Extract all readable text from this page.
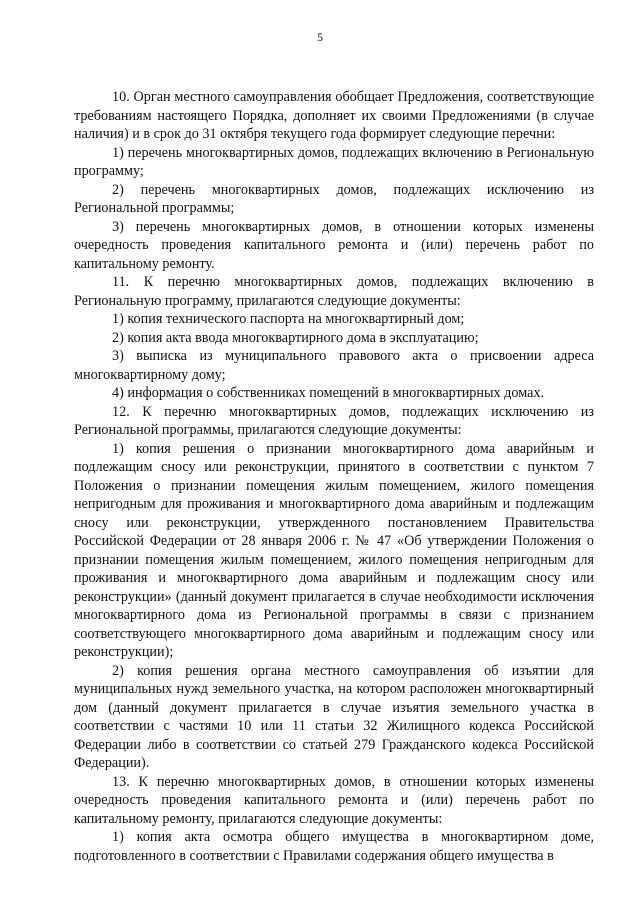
5

10. Орган местного самоуправления обобщает Предложения, соответствующие требованиям настоящего Порядка, дополняет их своими Предложениями (в случае наличия) и в срок до 31 октября текущего года формирует следующие перечни:

1) перечень многоквартирных домов, подлежащих включению в Региональную программу;

2) перечень многоквартирных домов, подлежащих исключению из Региональной программы;

3) перечень многоквартирных домов, в отношении которых изменены очередность проведения капитального ремонта и (или) перечень работ по капитальному ремонту.

11. К перечню многоквартирных домов, подлежащих включению в Региональную программу, прилагаются следующие документы:

1) копия технического паспорта на многоквартирный дом;

2) копия акта ввода многоквартирного дома в эксплуатацию;

3) выписка из муниципального правового акта о присвоении адреса многоквартирному дому;

4) информация о собственниках помещений в многоквартирных домах.

12. К перечню многоквартирных домов, подлежащих исключению из Региональной программы, прилагаются следующие документы:

1) копия решения о признании многоквартирного дома аварийным и подлежащим сносу или реконструкции, принятого в соответствии с пунктом 7 Положения о признании помещения жилым помещением, жилого помещения непригодным для проживания и многоквартирного дома аварийным и подлежащим сносу или реконструкции, утвержденного постановлением Правительства Российской Федерации от 28 января 2006 г. № 47 «Об утверждении Положения о признании помещения жилым помещением, жилого помещения непригодным для проживания и многоквартирного дома аварийным и подлежащим сносу или реконструкции» (данный документ прилагается в случае необходимости исключения многоквартирного дома из Региональной программы в связи с признанием соответствующего многоквартирного дома аварийным и подлежащим сносу или реконструкции);

2) копия решения органа местного самоуправления об изъятии для муниципальных нужд земельного участка, на котором расположен многоквартирный дом (данный документ прилагается в случае изъятия земельного участка в соответствии с частями 10 или 11 статьи 32 Жилищного кодекса Российской Федерации либо в соответствии со статьей 279 Гражданского кодекса Российской Федерации).

13. К перечню многоквартирных домов, в отношении которых изменены очередность проведения капитального ремонта и (или) перечень работ по капитальному ремонту, прилагаются следующие документы:

1) копия акта осмотра общего имущества в многоквартирном доме, подготовленного в соответствии с Правилами содержания общего имущества в
